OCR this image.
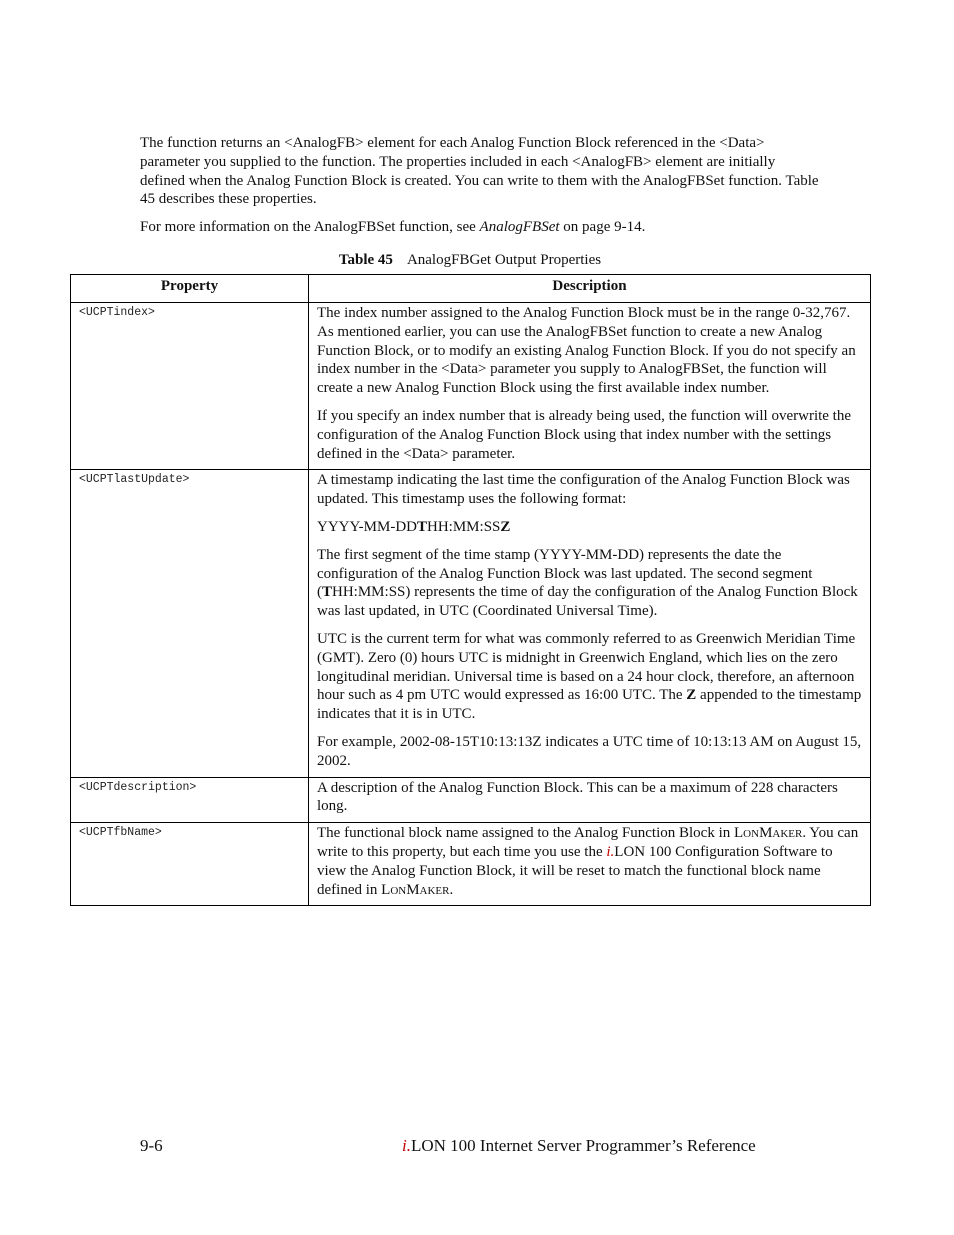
The function returns an <AnalogFB> element for each Analog Function Block referenced in the <Data> parameter you supplied to the function. The properties included in each <AnalogFB> element are initially defined when the Analog Function Block is created. You can write to them with the AnalogFBSet function. Table 45 describes these properties.

For more information on the AnalogFBSet function, see AnalogFBSet on page 9-14.

Table 45 AnalogFBGet Output Properties
Property	Description
<UCPTindex>	The index number assigned to the Analog Function Block must be in the range 0-32,767. As mentioned earlier, you can use the AnalogFBSet function to create a new Analog Function Block, or to modify an existing Analog Function Block. If you do not specify an index number in the <Data> parameter you supply to AnalogFBSet, the function will create a new Analog Function Block using the first available index number.

If you specify an index number that is already being used, the function will overwrite the configuration of the Analog Function Block using that index number with the settings defined in the <Data> parameter.

<UCPTlastUpdate>	A timestamp indicating the last time the configuration of the Analog Function Block was updated. This timestamp uses the following format:

YYYY-MM-DDTHH:MM:SSZ

The first segment of the time stamp (YYYY-MM-DD) represents the date the configuration of the Analog Function Block was last updated. The second segment (THH:MM:SS) represents the time of day the configuration of the Analog Function Block was last updated, in UTC (Coordinated Universal Time).

UTC is the current term for what was commonly referred to as Greenwich Meridian Time (GMT). Zero (0) hours UTC is midnight in Greenwich England, which lies on the zero longitudinal meridian. Universal time is based on a 24 hour clock, therefore, an afternoon hour such as 4 pm UTC would expressed as 16:00 UTC. The Z appended to the timestamp indicates that it is in UTC.

For example, 2002-08-15T10:13:13Z indicates a UTC time of 10:13:13 AM on August 15, 2002.

<UCPTdescription>	A description of the Analog Function Block. This can be a maximum of 228 characters long.

<UCPTfbName>	The functional block name assigned to the Analog Function Block in LonMaker. You can write to this property, but each time you use the i.LON 100 Configuration Software to view the Analog Function Block, it will be reset to match the functional block name defined in LonMaker.

9-6	i.LON 100 Internet Server Programmer’s Reference
